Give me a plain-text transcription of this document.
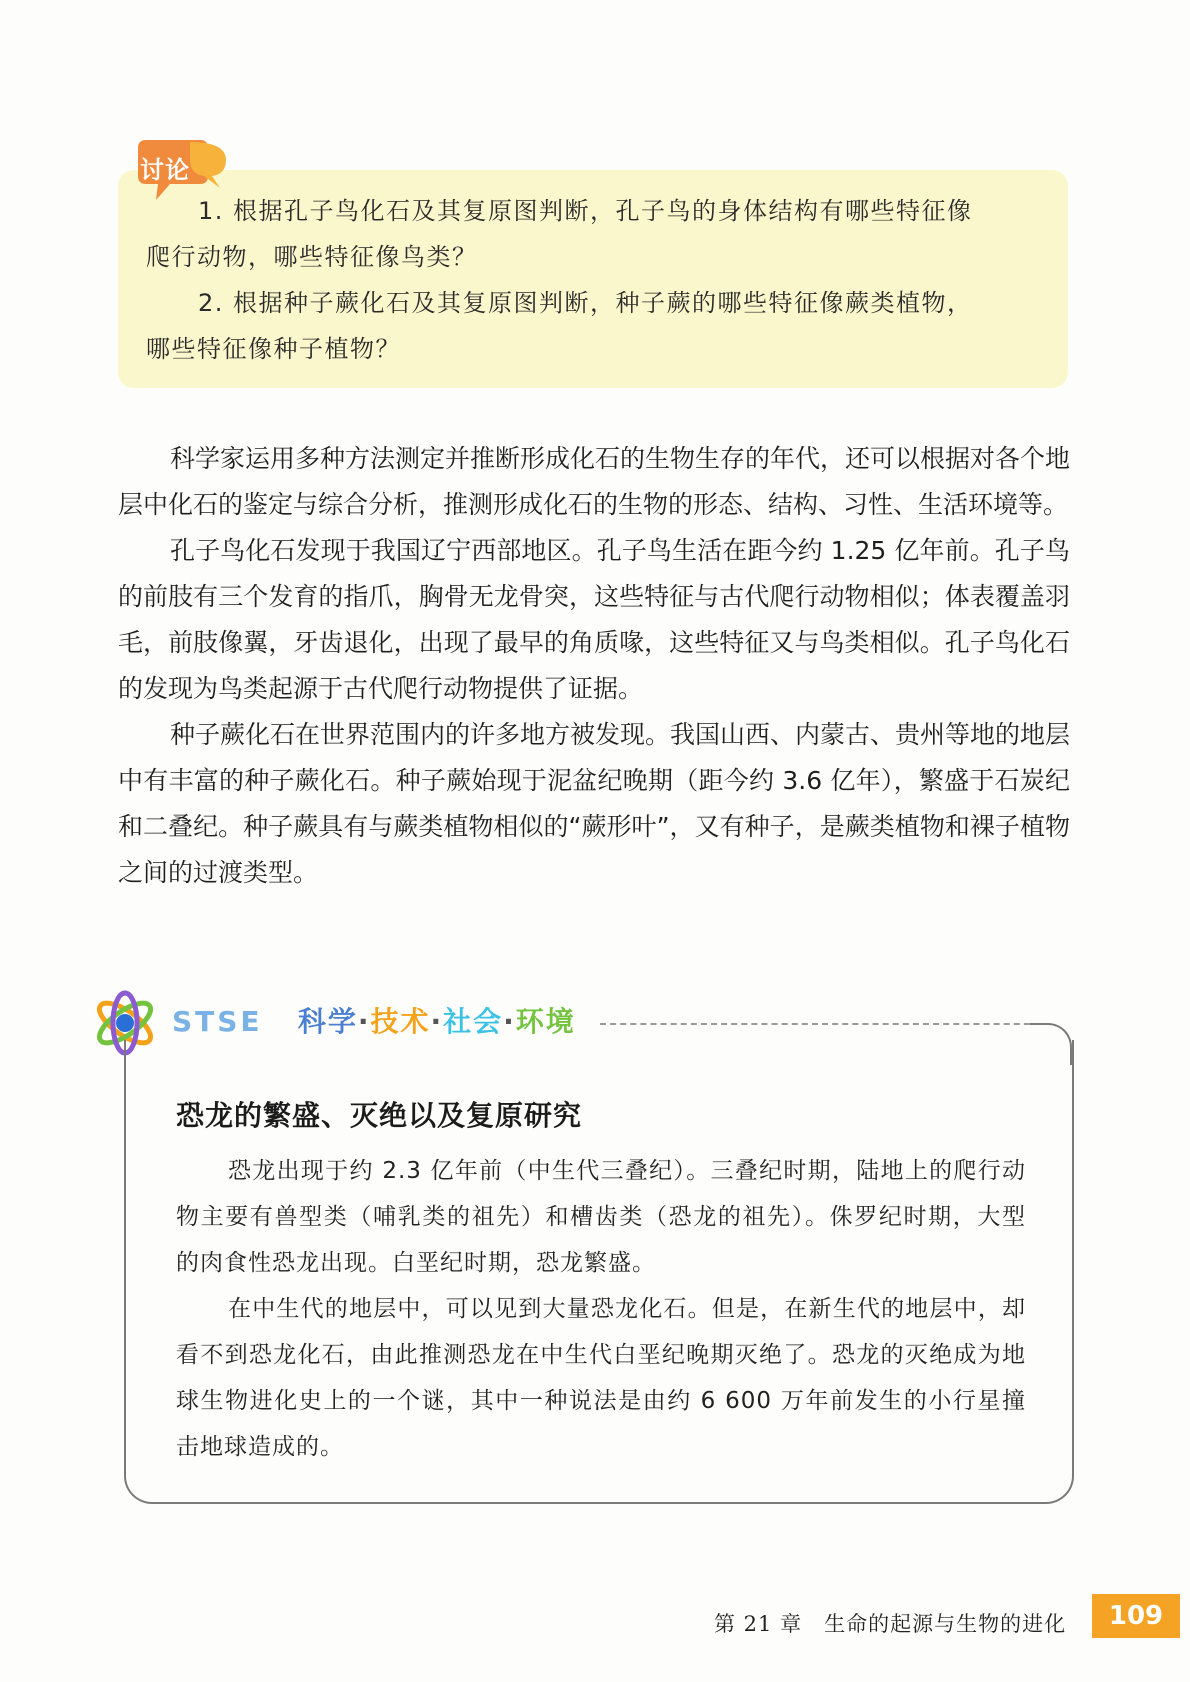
讨论

1. 根据孔子鸟化石及其复原图判断，孔子鸟的身体结构有哪些特征像

爬行动物，哪些特征像鸟类？

2. 根据种子蕨化石及其复原图判断，种子蕨的哪些特征像蕨类植物，

哪些特征像种子植物？

科学家运用多种方法测定并推断形成化石的生物生存的年代，还可以根据对各个地层中化石的鉴定与综合分析，推测形成化石的生物的形态、结构、习性、生活环境等。

孔子鸟化石发现于我国辽宁西部地区。孔子鸟生活在距今约 1.25 亿年前。孔子鸟的前肢有三个发育的指爪，胸骨无龙骨突，这些特征与古代爬行动物相似；体表覆盖羽毛，前肢像翼，牙齿退化，出现了最早的角质喙，这些特征又与鸟类相似。孔子鸟化石的发现为鸟类起源于古代爬行动物提供了证据。

种子蕨化石在世界范围内的许多地方被发现。我国山西、内蒙古、贵州等地的地层中有丰富的种子蕨化石。种子蕨始现于泥盆纪晚期（距今约 3.6 亿年），繁盛于石炭纪和二叠纪。种子蕨具有与蕨类植物相似的“蕨形叶”，又有种子，是蕨类植物和裸子植物之间的过渡类型。

STSE 科学·技术·社会·环境
恐龙的繁盛、灭绝以及复原研究

恐龙出现于约 2.3 亿年前（中生代三叠纪）。三叠纪时期，陆地上的爬行动物主要有兽型类（哺乳类的祖先）和槽齿类（恐龙的祖先）。侏罗纪时期，大型的肉食性恐龙出现。白垩纪时期，恐龙繁盛。

在中生代的地层中，可以见到大量恐龙化石。但是，在新生代的地层中，却看不到恐龙化石，由此推测恐龙在中生代白垩纪晚期灭绝了。恐龙的灭绝成为地球生物进化史上的一个谜，其中一种说法是由约 6 600 万年前发生的小行星撞击地球造成的。

第 21 章　生命的起源与生物的进化	109
